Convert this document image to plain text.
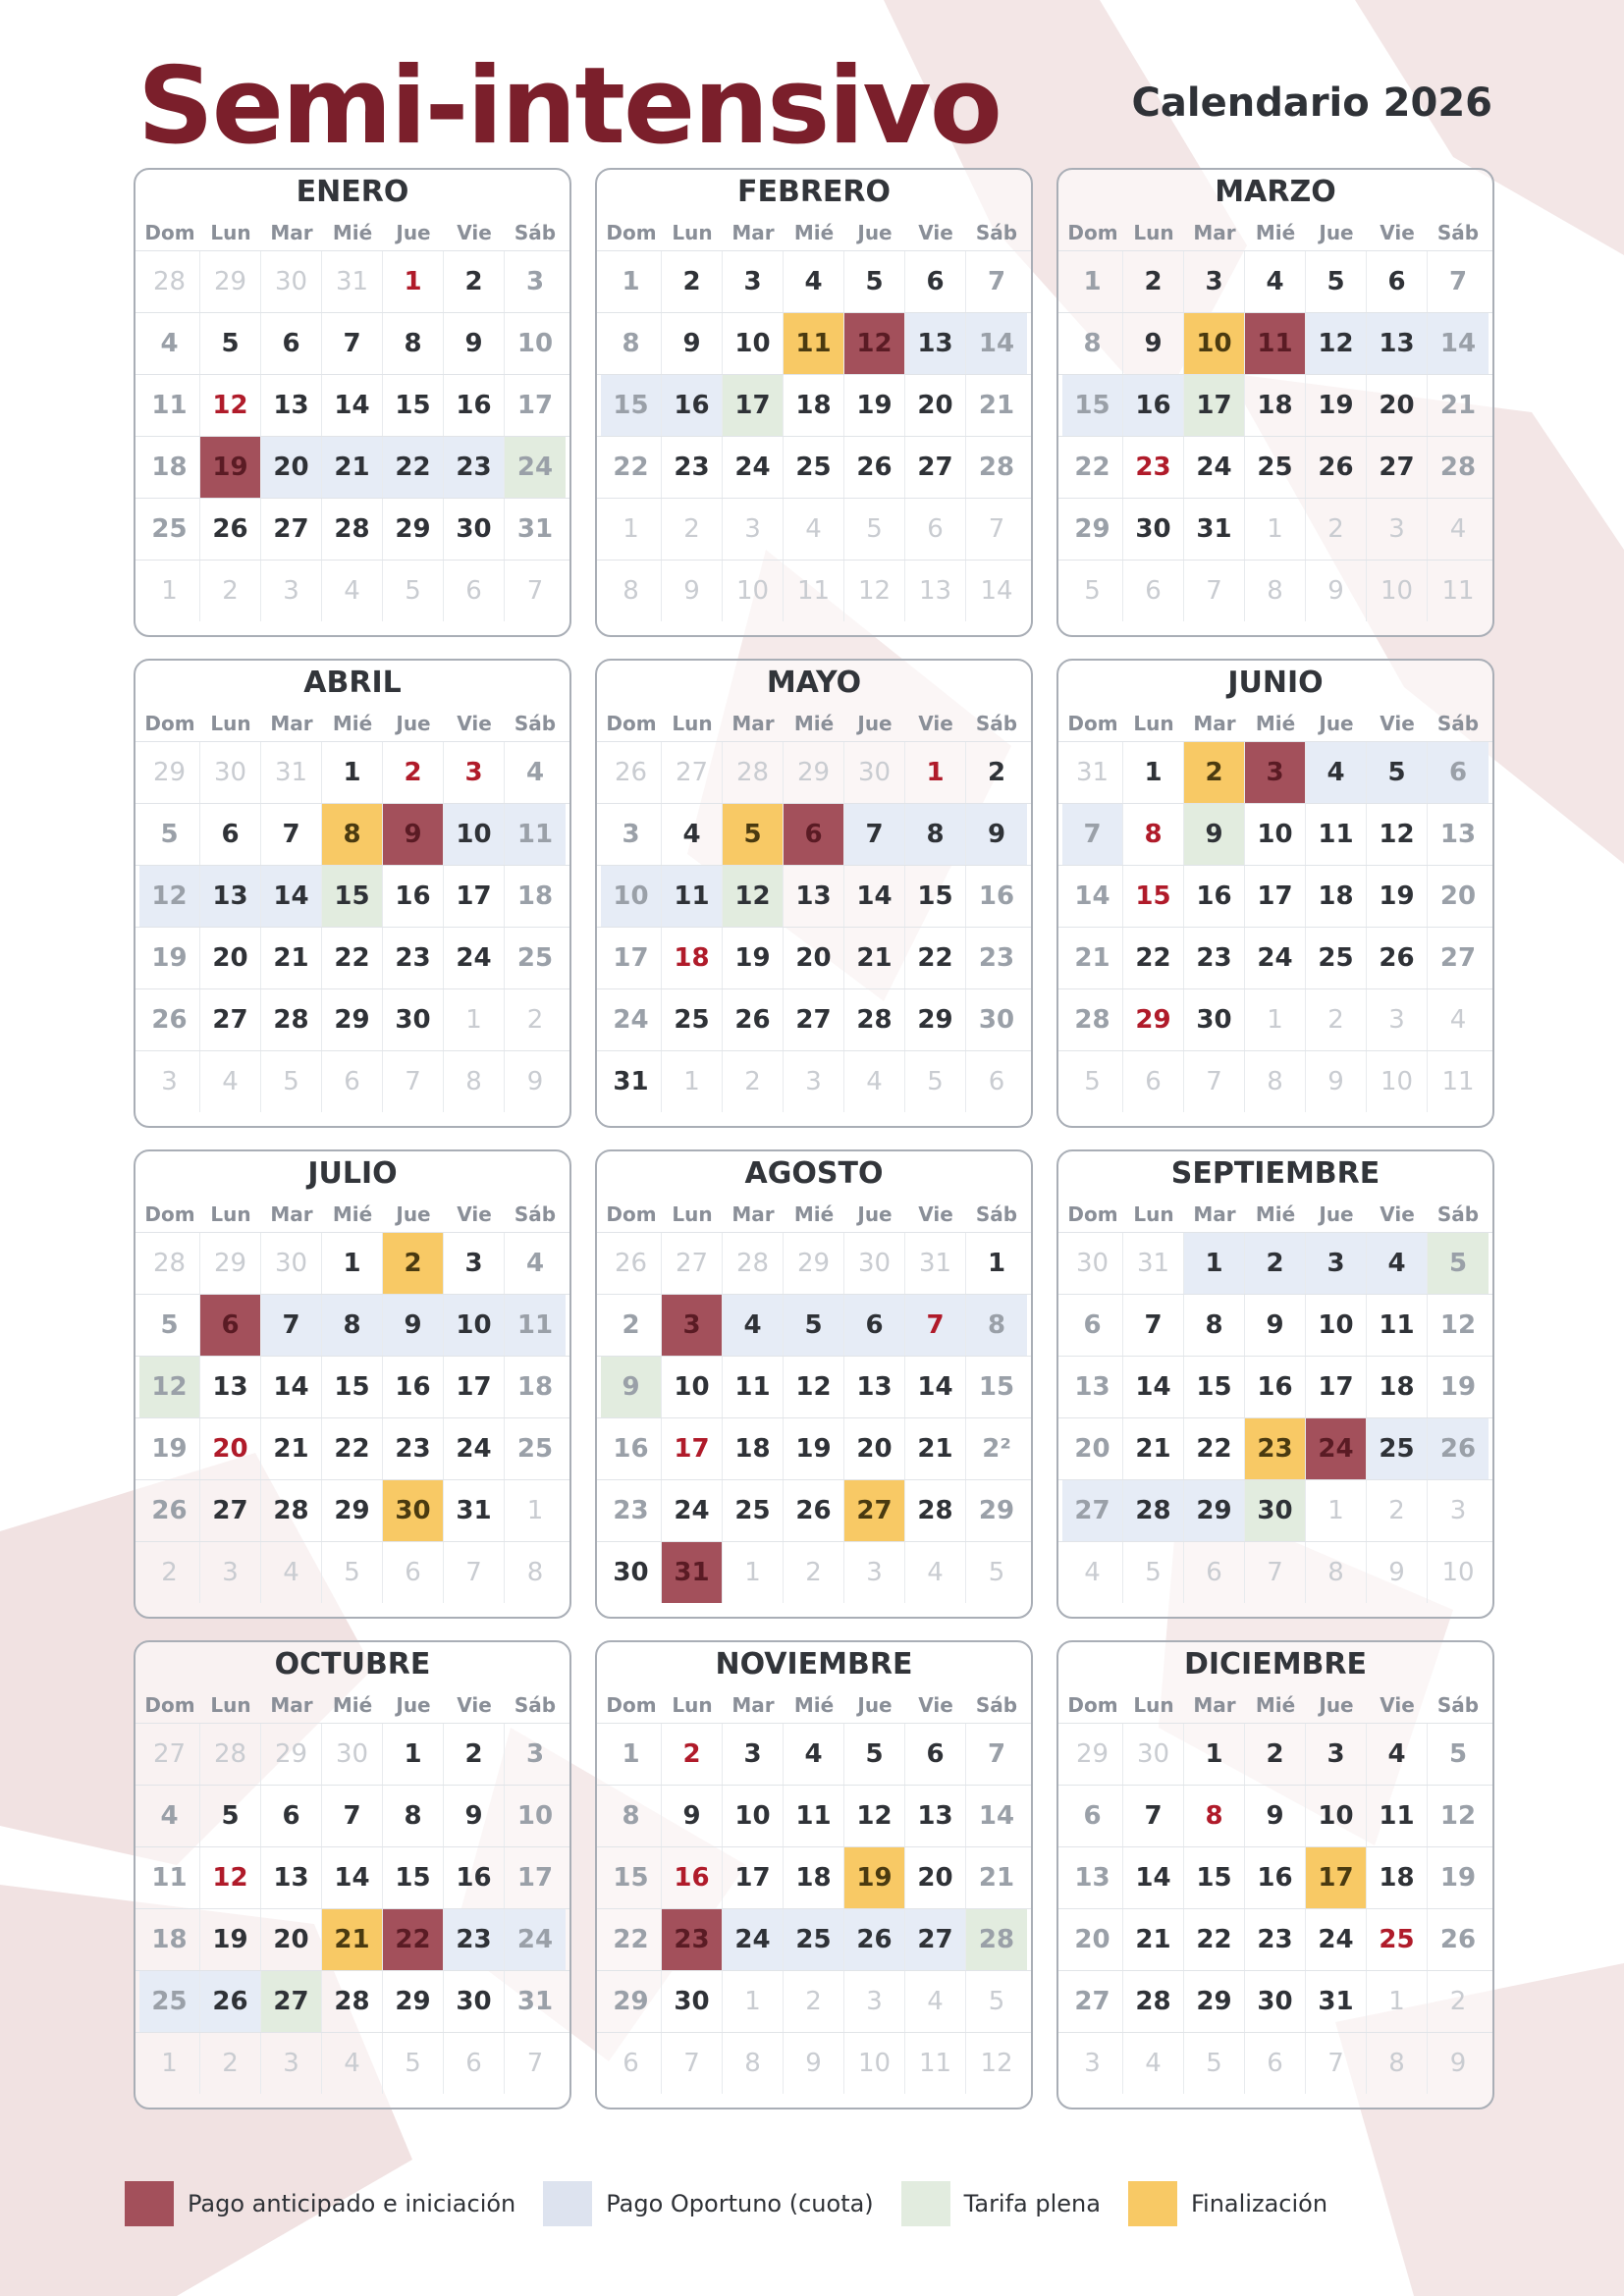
Semi-intensivo	Calendario 2026
ENERO
Dom Lun Mar	Mié	Jue	Vie	Sáb
28	29	30	31	1	2	3
4	5	6	7	8	9	10
11 12 13 14 15 16	17
18 19 20 21 22 23	24
25 26 27 28 29 30	31
1	2	3	4	5	6	7
FEBRERO
Dom Lun Mar	Mié	Jue	Vie	Sáb
1	2	3	4	5	6	7
8	9	10 11 12 13	14
15 16 17 18 19 20	21
22 23 24 25 26 27	28
1	2	3	4	5	6	7
8	9	10	11	12	13	14
MARZO
Dom Lun Mar	Mié	Jue	Vie	Sáb
1	2	3	4	5	6	7
8	9	10 11 12 13	14
15 16 17 18 19 20	21
22 23 24 25 26 27	28
29 30 31	1	2	3	4
5	6	7	8	9	10	11
ABRIL
Dom Lun Mar	Mié	Jue	Vie	Sáb
29	30	31	1	2	3	4
5	6	7	8	9	10	11
12 13 14 15 16 17	18
19 20 21 22 23 24	25
26 27 28 29 30	1	2
3	4	5	6	7	8	9
MAYO
Dom Lun Mar	Mié	Jue	Vie	Sáb
26	27	28	29	30	1	2
3	4	5	6	7	8	9
10 11 12 13 14 15	16
17 18 19 20 21 22	23
24 25 26 27 28 29	30
31	1	2	3	4	5	6
JUNIO
Dom Lun Mar	Mié	Jue	Vie	Sáb
31	1	2	3	4	5	6
7	8	9	10 11 12	13
14 15 16 17 18 19	20
21 22 23 24 25 26	27
28 29 30	1	2	3	4
5	6	7	8	9	10	11
JULIO
Dom Lun Mar	Mié	Jue	Vie	Sáb
28	29	30	1	2	3	4
5	6	7	8	9	10	11
12 13 14 15 16 17	18
19 20 21 22 23 24	25
26 27 28 29 30 31	1
2	3	4	5	6	7	8
AGOSTO
Dom Lun Mar	Mié	Jue	Vie	Sáb
26	27	28	29	30	31	1
2	3	4	5	6	7	8
9	10 11 12 13 14	15
16 17 18 19 20 21	2²
23 24 25 26 27 28	29
30 31	1	2	3	4	5
SEPTIEMBRE
Dom Lun Mar	Mié	Jue	Vie	Sáb
30	31	1	2	3	4	5
6	7	8	9	10 11	12
13 14 15 16 17 18	19
20 21 22 23 24 25	26
27 28 29 30	1	2	3
4	5	6	7	8	9	10
OCTUBRE
Dom Lun Mar	Mié	Jue	Vie	Sáb
27	28	29	30	1	2	3
4	5	6	7	8	9	10
11 12 13 14 15 16	17
18 19 20 21 22 23	24
25 26 27 28 29 30	31
1	2	3	4	5	6	7
NOVIEMBRE
Dom Lun Mar	Mié	Jue	Vie	Sáb
1	2	3	4	5	6	7
8	9	10 11 12 13	14
15 16 17 18 19 20	21
22 23 24 25 26 27	28
29 30	1	2	3	4	5
6	7	8	9	10	11	12
DICIEMBRE
Dom Lun Mar	Mié	Jue	Vie	Sáb
29	30	1	2	3	4	5
6	7	8	9	10 11	12
13 14 15 16 17 18	19
20 21 22 23 24 25	26
27 28 29 30 31	1	2
3	4	5	6	7	8	9
Pago anticipado e iniciación	Pago Oportuno (cuota)	Tarifa plena	Finalización
